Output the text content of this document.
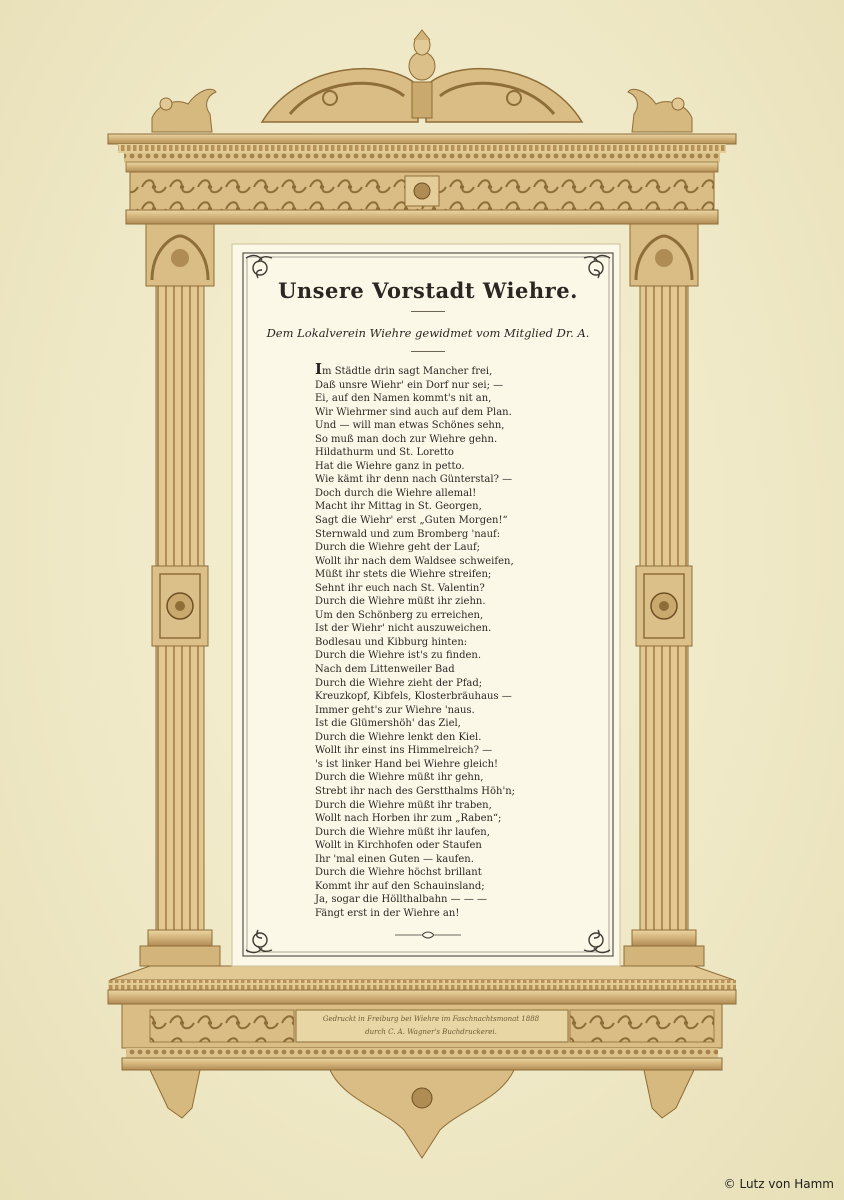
Unsere Vorstadt Wiehre.
Dem Lokalverein Wiehre gewidmet vom Mitglied Dr. A.
Im Städtle drin sagt Mancher frei,
Daß unsre Wiehr' ein Dorf nur sei; —
Ei, auf den Namen kommt's nit an,
Wir Wiehrmer sind auch auf dem Plan.
Und — will man etwas Schönes sehn,
So muß man doch zur Wiehre gehn.
Hildathurm und St. Loretto
Hat die Wiehre ganz in petto.
Wie kämt ihr denn nach Günterstal? —
Doch durch die Wiehre allemal!
Macht ihr Mittag in St. Georgen,
Sagt die Wiehr' erst „Guten Morgen!“
Sternwald und zum Bromberg 'nauf:
Durch die Wiehre geht der Lauf;
Wollt ihr nach dem Waldsee schweifen,
Müßt ihr stets die Wiehre streifen;
Sehnt ihr euch nach St. Valentin?
Durch die Wiehre müßt ihr ziehn.
Um den Schönberg zu erreichen,
Ist der Wiehr' nicht auszuweichen.
Bodlesau und Kibburg hinten:
Durch die Wiehre ist's zu finden.
Nach dem Littenweiler Bad
Durch die Wiehre zieht der Pfad;
Kreuzkopf, Kibfels, Klosterbräuhaus —
Immer geht's zur Wiehre 'naus.
Ist die Glümershöh' das Ziel,
Durch die Wiehre lenkt den Kiel.
Wollt ihr einst ins Himmelreich? —
's ist linker Hand bei Wiehre gleich!
Durch die Wiehre müßt ihr gehn,
Strebt ihr nach des Gerstthalms Höh'n;
Durch die Wiehre müßt ihr traben,
Wollt nach Horben ihr zum „Raben“;
Durch die Wiehre müßt ihr laufen,
Wollt in Kirchhofen oder Staufen
Ihr 'mal einen Guten — kaufen.
Durch die Wiehre höchst brillant
Kommt ihr auf den Schauinsland;
Ja, sogar die Höllthalbahn — — —
Fängt erst in der Wiehre an!
Gedruckt in Freiburg bei Wiehre im Faschnachtsmonat 1888
durch C. A. Wagner's Buchdruckerei.
© Lutz von Hamm
